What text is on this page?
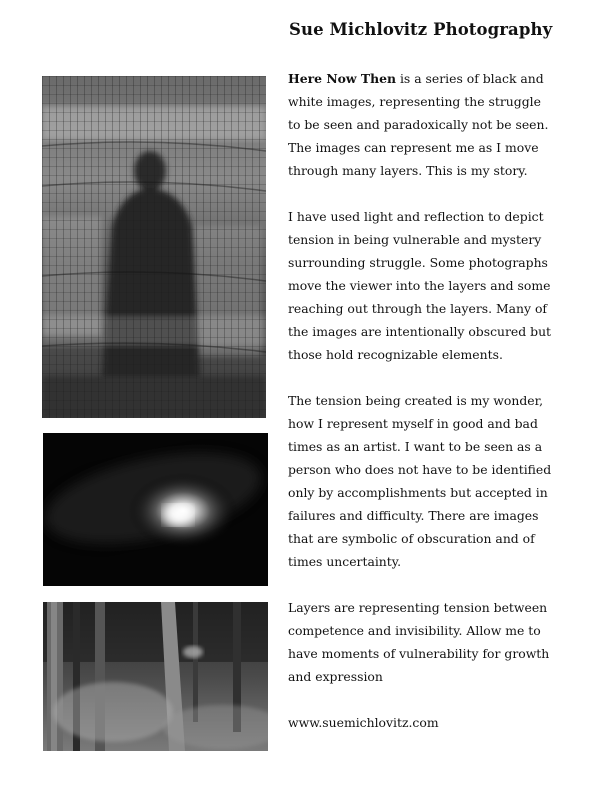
Sue Michlovitz Photography
Here Now Then is a series of black and
white images, representing the struggle
to be seen and paradoxically not be seen.
The images can represent me as I move
through many layers. This is my story.
I have used light and reflection to depict
tension in being vulnerable and mystery
surrounding struggle. Some photographs
move the viewer into the layers and some
reaching out through the layers. Many of
the images are intentionally obscured but
those hold recognizable elements.
The tension being created is my wonder,
how I represent myself in good and bad
times as an artist. I want to be seen as a
person who does not have to be identified
only by accomplishments but accepted in
failures and difficulty. There are images
that are symbolic of obscuration and of
times uncertainty.
Layers are representing tension between
competence and invisibility. Allow me to
have moments of vulnerability for growth
and expression
www.suemichlovitz.com
